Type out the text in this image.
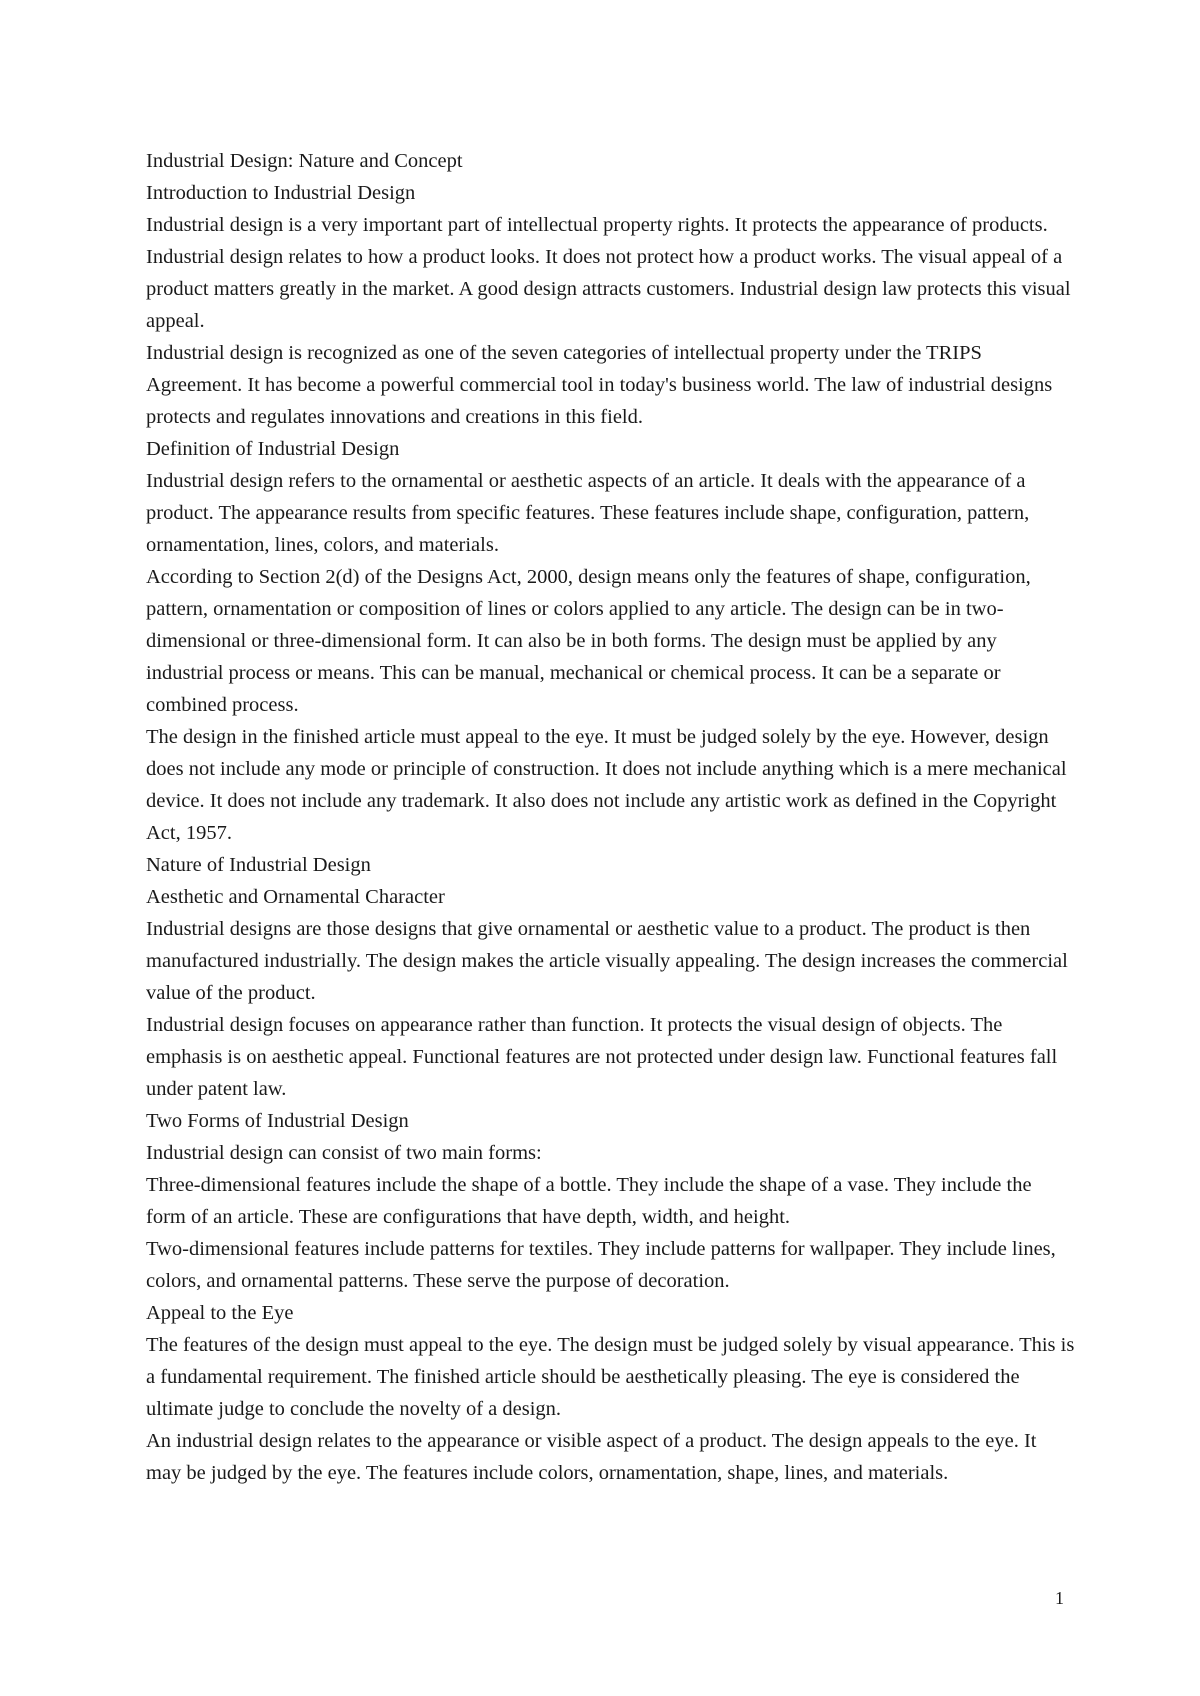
Industrial Design: Nature and Concept

Introduction to Industrial Design

Industrial design is a very important part of intellectual property rights. It protects the appearance of products. Industrial design relates to how a product looks. It does not protect how a product works. The visual appeal of a product matters greatly in the market. A good design attracts customers. Industrial design law protects this visual appeal.

Industrial design is recognized as one of the seven categories of intellectual property under the TRIPS Agreement. It has become a powerful commercial tool in today's business world. The law of industrial designs protects and regulates innovations and creations in this field.

Definition of Industrial Design

Industrial design refers to the ornamental or aesthetic aspects of an article. It deals with the appearance of a product. The appearance results from specific features. These features include shape, configuration, pattern, ornamentation, lines, colors, and materials.

According to Section 2(d) of the Designs Act, 2000, design means only the features of shape, configuration, pattern, ornamentation or composition of lines or colors applied to any article. The design can be in two-dimensional or three-dimensional form. It can also be in both forms. The design must be applied by any industrial process or means. This can be manual, mechanical or chemical process. It can be a separate or combined process.

The design in the finished article must appeal to the eye. It must be judged solely by the eye. However, design does not include any mode or principle of construction. It does not include anything which is a mere mechanical device. It does not include any trademark. It also does not include any artistic work as defined in the Copyright Act, 1957.

Nature of Industrial Design

Aesthetic and Ornamental Character

Industrial designs are those designs that give ornamental or aesthetic value to a product. The product is then manufactured industrially. The design makes the article visually appealing. The design increases the commercial value of the product.

Industrial design focuses on appearance rather than function. It protects the visual design of objects. The emphasis is on aesthetic appeal. Functional features are not protected under design law. Functional features fall under patent law.

Two Forms of Industrial Design

Industrial design can consist of two main forms:

Three-dimensional features include the shape of a bottle. They include the shape of a vase. They include the form of an article. These are configurations that have depth, width, and height.

Two-dimensional features include patterns for textiles. They include patterns for wallpaper. They include lines, colors, and ornamental patterns. These serve the purpose of decoration.

Appeal to the Eye

The features of the design must appeal to the eye. The design must be judged solely by visual appearance. This is a fundamental requirement. The finished article should be aesthetically pleasing. The eye is considered the ultimate judge to conclude the novelty of a design.

An industrial design relates to the appearance or visible aspect of a product. The design appeals to the eye. It may be judged by the eye. The features include colors, ornamentation, shape, lines, and materials.

1
